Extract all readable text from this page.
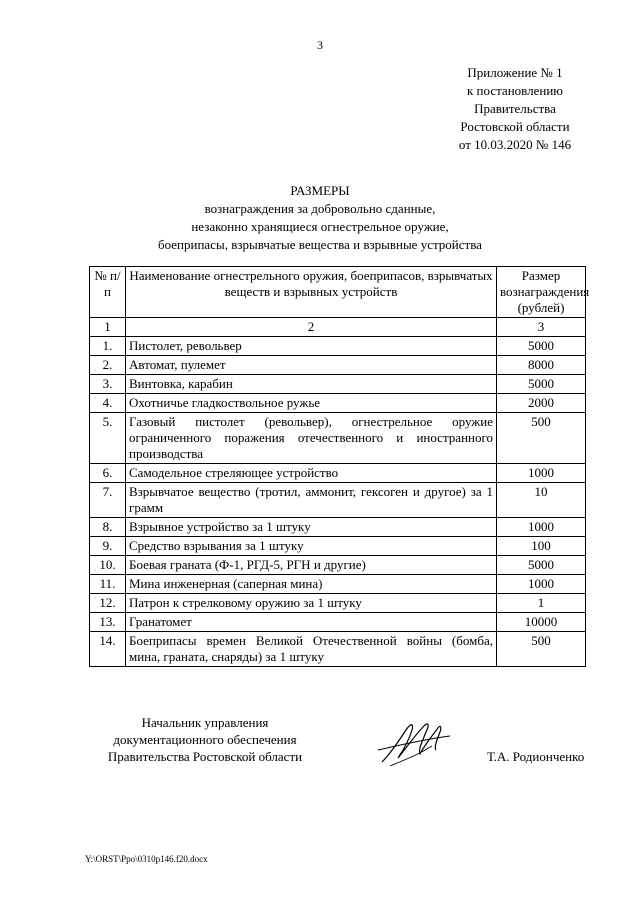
3
Приложение № 1
к постановлению
Правительства
Ростовской области
от 10.03.2020 № 146
РАЗМЕРЫ
вознаграждения за добровольно сданные,
незаконно хранящиеся огнестрельное оружие,
боеприпасы, взрывчатые вещества и взрывные устройства
№ п/п	Наименование огнестрельного оружия, боеприпасов, взрывчатых веществ и взрывных устройств	Размер вознаграждения (рублей)
1	2	3
1.	Пистолет, револьвер	5000
2.	Автомат, пулемет	8000
3.	Винтовка, карабин	5000
4.	Охотничье гладкоствольное ружье	2000
5.	Газовый пистолет (револьвер), огнестрельное оружие ограниченного поражения отечественного и иностранного производства	500
6.	Самодельное стреляющее устройство	1000
7.	Взрывчатое вещество (тротил, аммонит, гексоген и другое) за 1 грамм	10
8.	Взрывное устройство за 1 штуку	1000
9.	Средство взрывания за 1 штуку	100
10.	Боевая граната (Ф-1, РГД-5, РГН и другие)	5000
11.	Мина инженерная (саперная мина)	1000
12.	Патрон к стрелковому оружию за 1 штуку	1
13.	Гранатомет	10000
14.	Боеприпасы времен Великой Отечественной войны (бомба, мина, граната, снаряды) за 1 штуку	500
Начальник управления
документационного обеспечения
Правительства Ростовской области	Т.А. Родионченко
Y:\ORST\Ppo\0310p146.f20.docx
